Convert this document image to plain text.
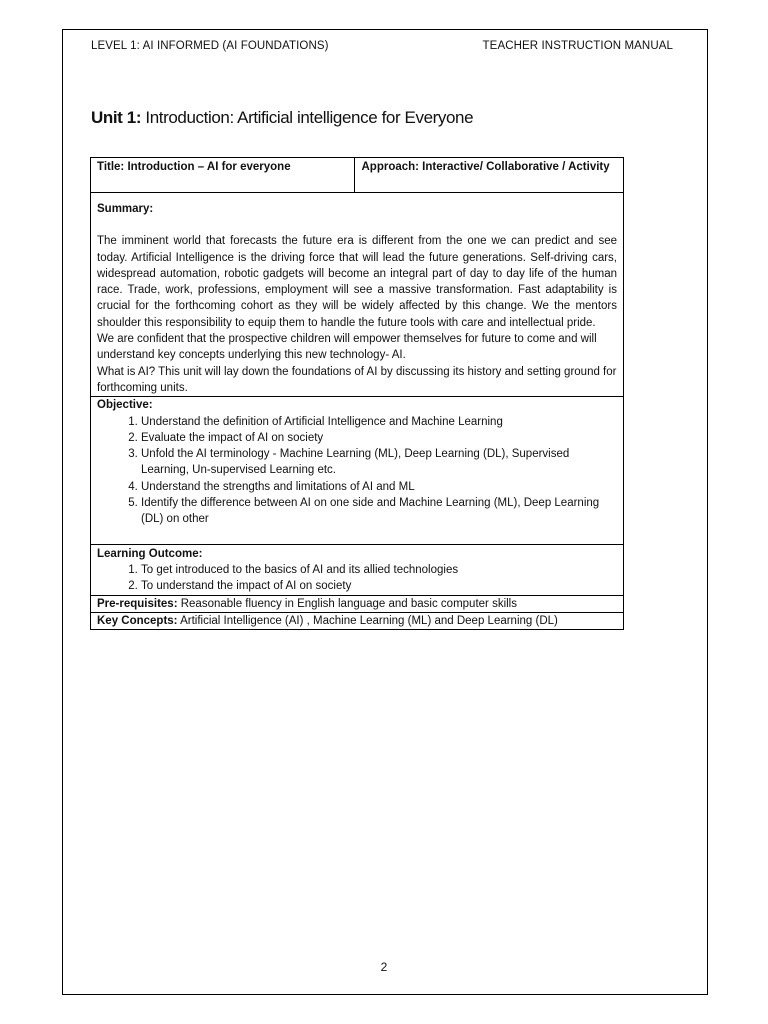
LEVEL 1: AI INFORMED (AI FOUNDATIONS)	TEACHER INSTRUCTION MANUAL
Unit 1: Introduction: Artificial intelligence for Everyone
Title: Introduction – AI for everyone	Approach: Interactive/ Collaborative / Activity

Summary:

The imminent world that forecasts the future era is different from the one we can predict and see today. Artificial Intelligence is the driving force that will lead the future generations. Self-driving cars, widespread automation, robotic gadgets will become an integral part of day to day life of the human race. Trade, work, professions, employment will see a massive transformation. Fast adaptability is crucial for the forthcoming cohort as they will be widely affected by this change. We the mentors shoulder this responsibility to equip them to handle the future tools with care and intellectual pride.

We are confident that the prospective children will empower themselves for future to come and will understand key concepts underlying this new technology- AI.

What is AI? This unit will lay down the foundations of AI by discussing its history and setting ground for forthcoming units.

Objective:
1. Understand the definition of Artificial Intelligence and Machine Learning
2. Evaluate the impact of AI on society
3. Unfold the AI terminology - Machine Learning (ML), Deep Learning (DL), Supervised Learning, Un-supervised Learning etc.
4. Understand the strengths and limitations of AI and ML
5. Identify the difference between AI on one side and Machine Learning (ML), Deep Learning (DL) on other

Learning Outcome:
1. To get introduced to the basics of AI and its allied technologies
2. To understand the impact of AI on society

Pre-requisites: Reasonable fluency in English language and basic computer skills
Key Concepts: Artificial Intelligence (AI) , Machine Learning (ML) and Deep Learning (DL)
2
